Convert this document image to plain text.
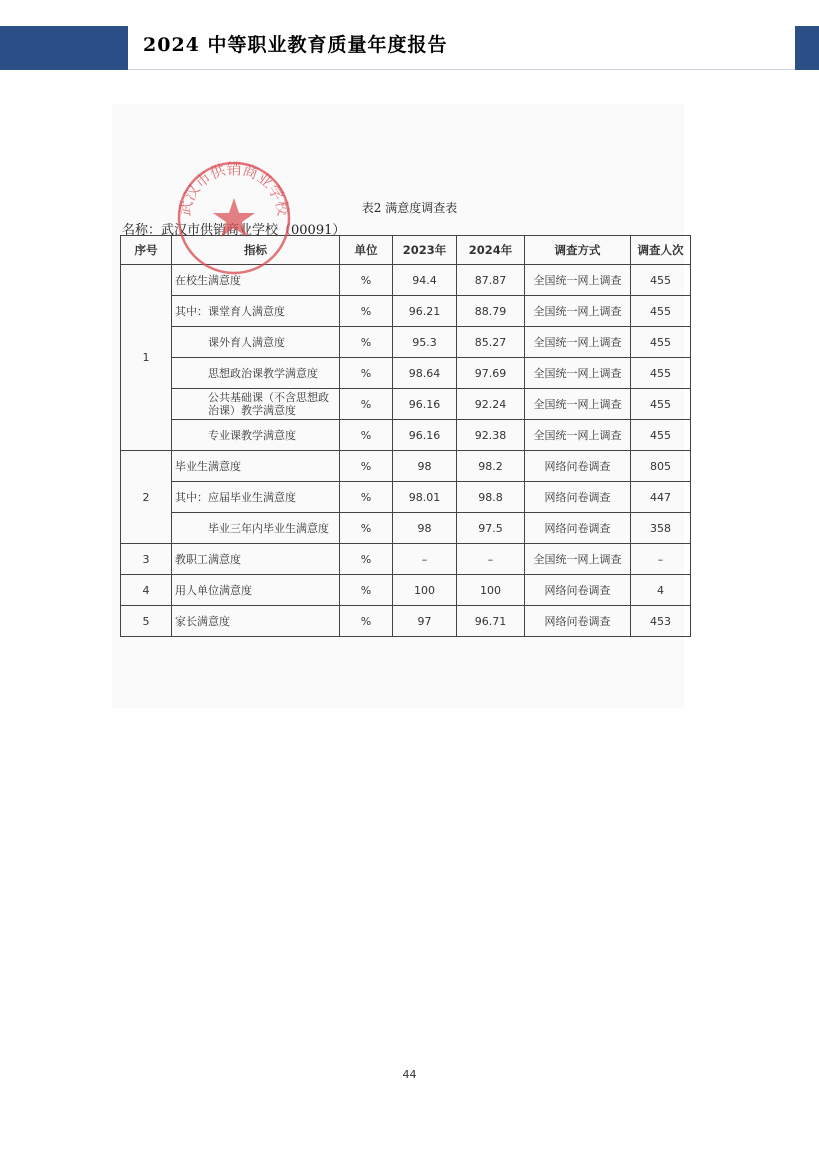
2024 中等职业教育质量年度报告
表2 满意度调查表
名称：武汉市供销商业学校（00091）
序号	指标	单位	2023年	2024年	调查方式	调查人次
1	在校生满意度	%	94.4	87.87	全国统一网上调查	455
	其中：课堂育人满意度	%	96.21	88.79	全国统一网上调查	455
	课外育人满意度	%	95.3	85.27	全国统一网上调查	455
	思想政治课教学满意度	%	98.64	97.69	全国统一网上调查	455
	公共基础课（不含思想政治课）教学满意度	%	96.16	92.24	全国统一网上调查	455
	专业课教学满意度	%	96.16	92.38	全国统一网上调查	455
2	毕业生满意度	%	98	98.2	网络问卷调查	805
	其中：应届毕业生满意度	%	98.01	98.8	网络问卷调查	447
	毕业三年内毕业生满意度	%	98	97.5	网络问卷调查	358
3	教职工满意度	%	–	–	全国统一网上调查	–
4	用人单位满意度	%	100	100	网络问卷调查	4
5	家长满意度	%	97	96.71	网络问卷调查	453
武汉市供销商业学校
44
